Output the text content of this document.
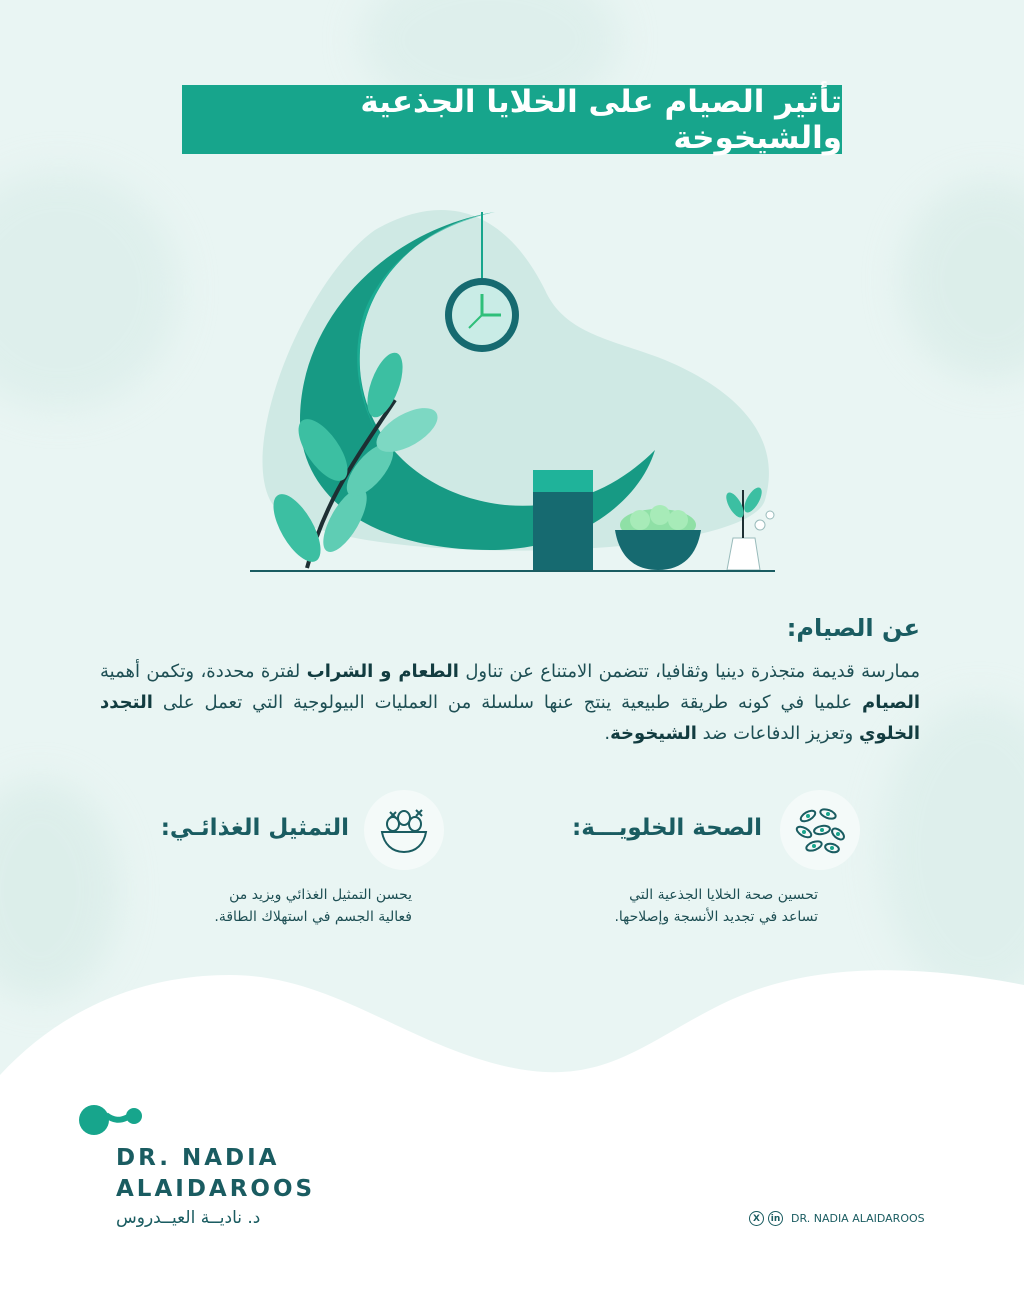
تأثير الصيام على الخلايا الجذعية والشيخوخة
عن الصيام:
ممارسة قديمة متجذرة دينيا وثقافيا، تتضمن الامتناع عن تناول الطعام و الشراب لفترة محددة، وتكمن أهمية الصيام علميا في كونه طريقة طبيعية ينتج عنها سلسلة من العمليات البيولوجية التي تعمل على التجدد الخلوي وتعزيز الدفاعات ضد الشيخوخة.
الصحة الخلويـــة:
تحسين صحة الخلايا الجذعية التي
تساعد في تجديد الأنسجة وإصلاحها.
التمثيل الغذائـي:
يحسن التمثيل الغذائي ويزيد من
فعالية الجسم في استهلاك الطاقة.
DR. NADIA
ALAIDAROOS
د. ناديــة العيــدروس	X	in DR. NADIA ALAIDAROOS
